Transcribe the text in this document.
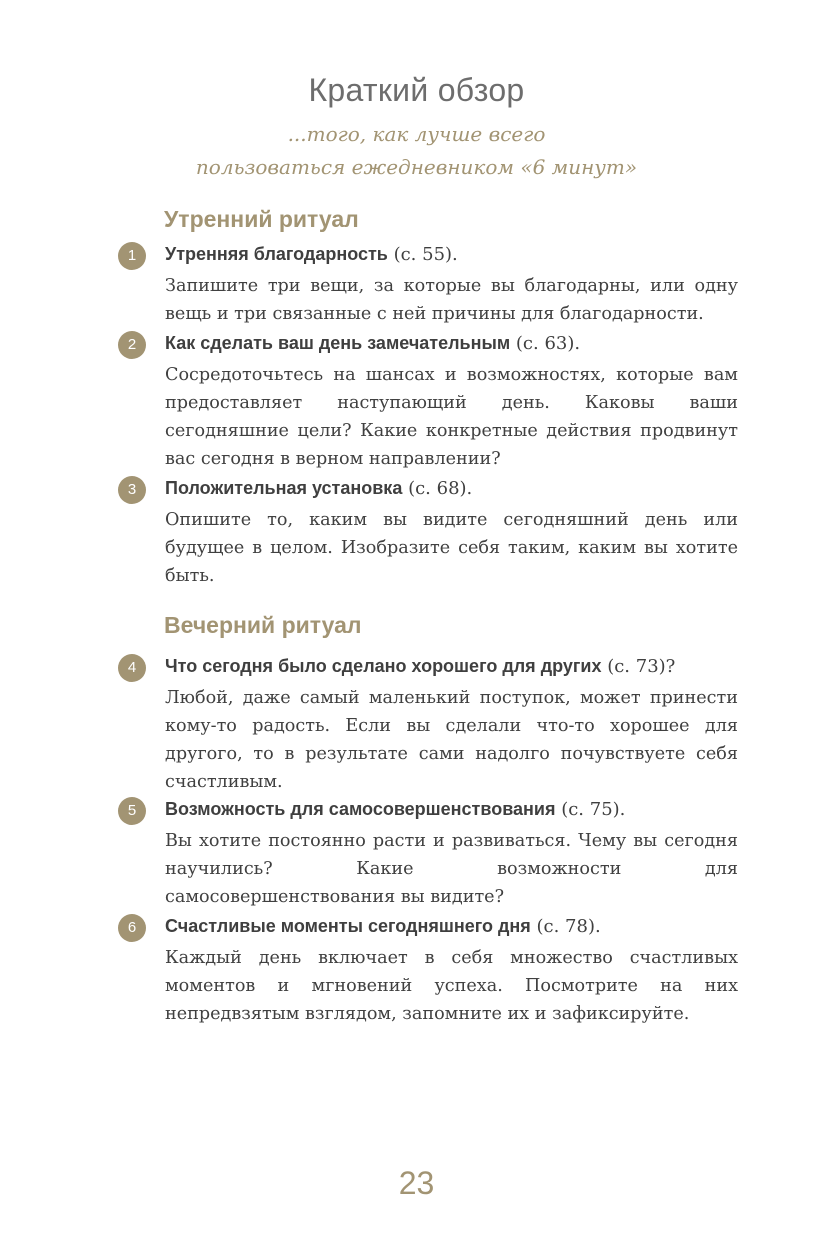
Краткий обзор
...того, как лучше всего
пользоваться ежедневником «6 минут»
Утренний ритуал
1	Утренняя благодарность (с. 55).
Запишите три вещи, за которые вы благодарны, или одну вещь и три связанные с ней причины для благодарности.
2	Как сделать ваш день замечательным (с. 63).
Сосредоточьтесь на шансах и возможностях, которые вам предоставляет наступающий день. Каковы ваши сегодняшние цели? Какие конкретные действия продвинут вас сегодня в верном направлении?
3	Положительная установка (с. 68).
Опишите то, каким вы видите сегодняшний день или будущее в целом. Изобразите себя таким, каким вы хотите быть.
Вечерний ритуал
4	Что сегодня было сделано хорошего для других (с. 73)?
Любой, даже самый маленький поступок, может принести кому-то радость. Если вы сделали что-то хорошее для другого, то в результате сами надолго почувствуете себя счастливым.
5	Возможность для самосовершенствования (с. 75).
Вы хотите постоянно расти и развиваться. Чему вы сегодня научились? Какие возможности для самосовершенствования вы видите?
6	Счастливые моменты сегодняшнего дня (с. 78).
Каждый день включает в себя множество счастливых моментов и мгновений успеха. Посмотрите на них непредвзятым взглядом, запомните их и зафиксируйте.
23
